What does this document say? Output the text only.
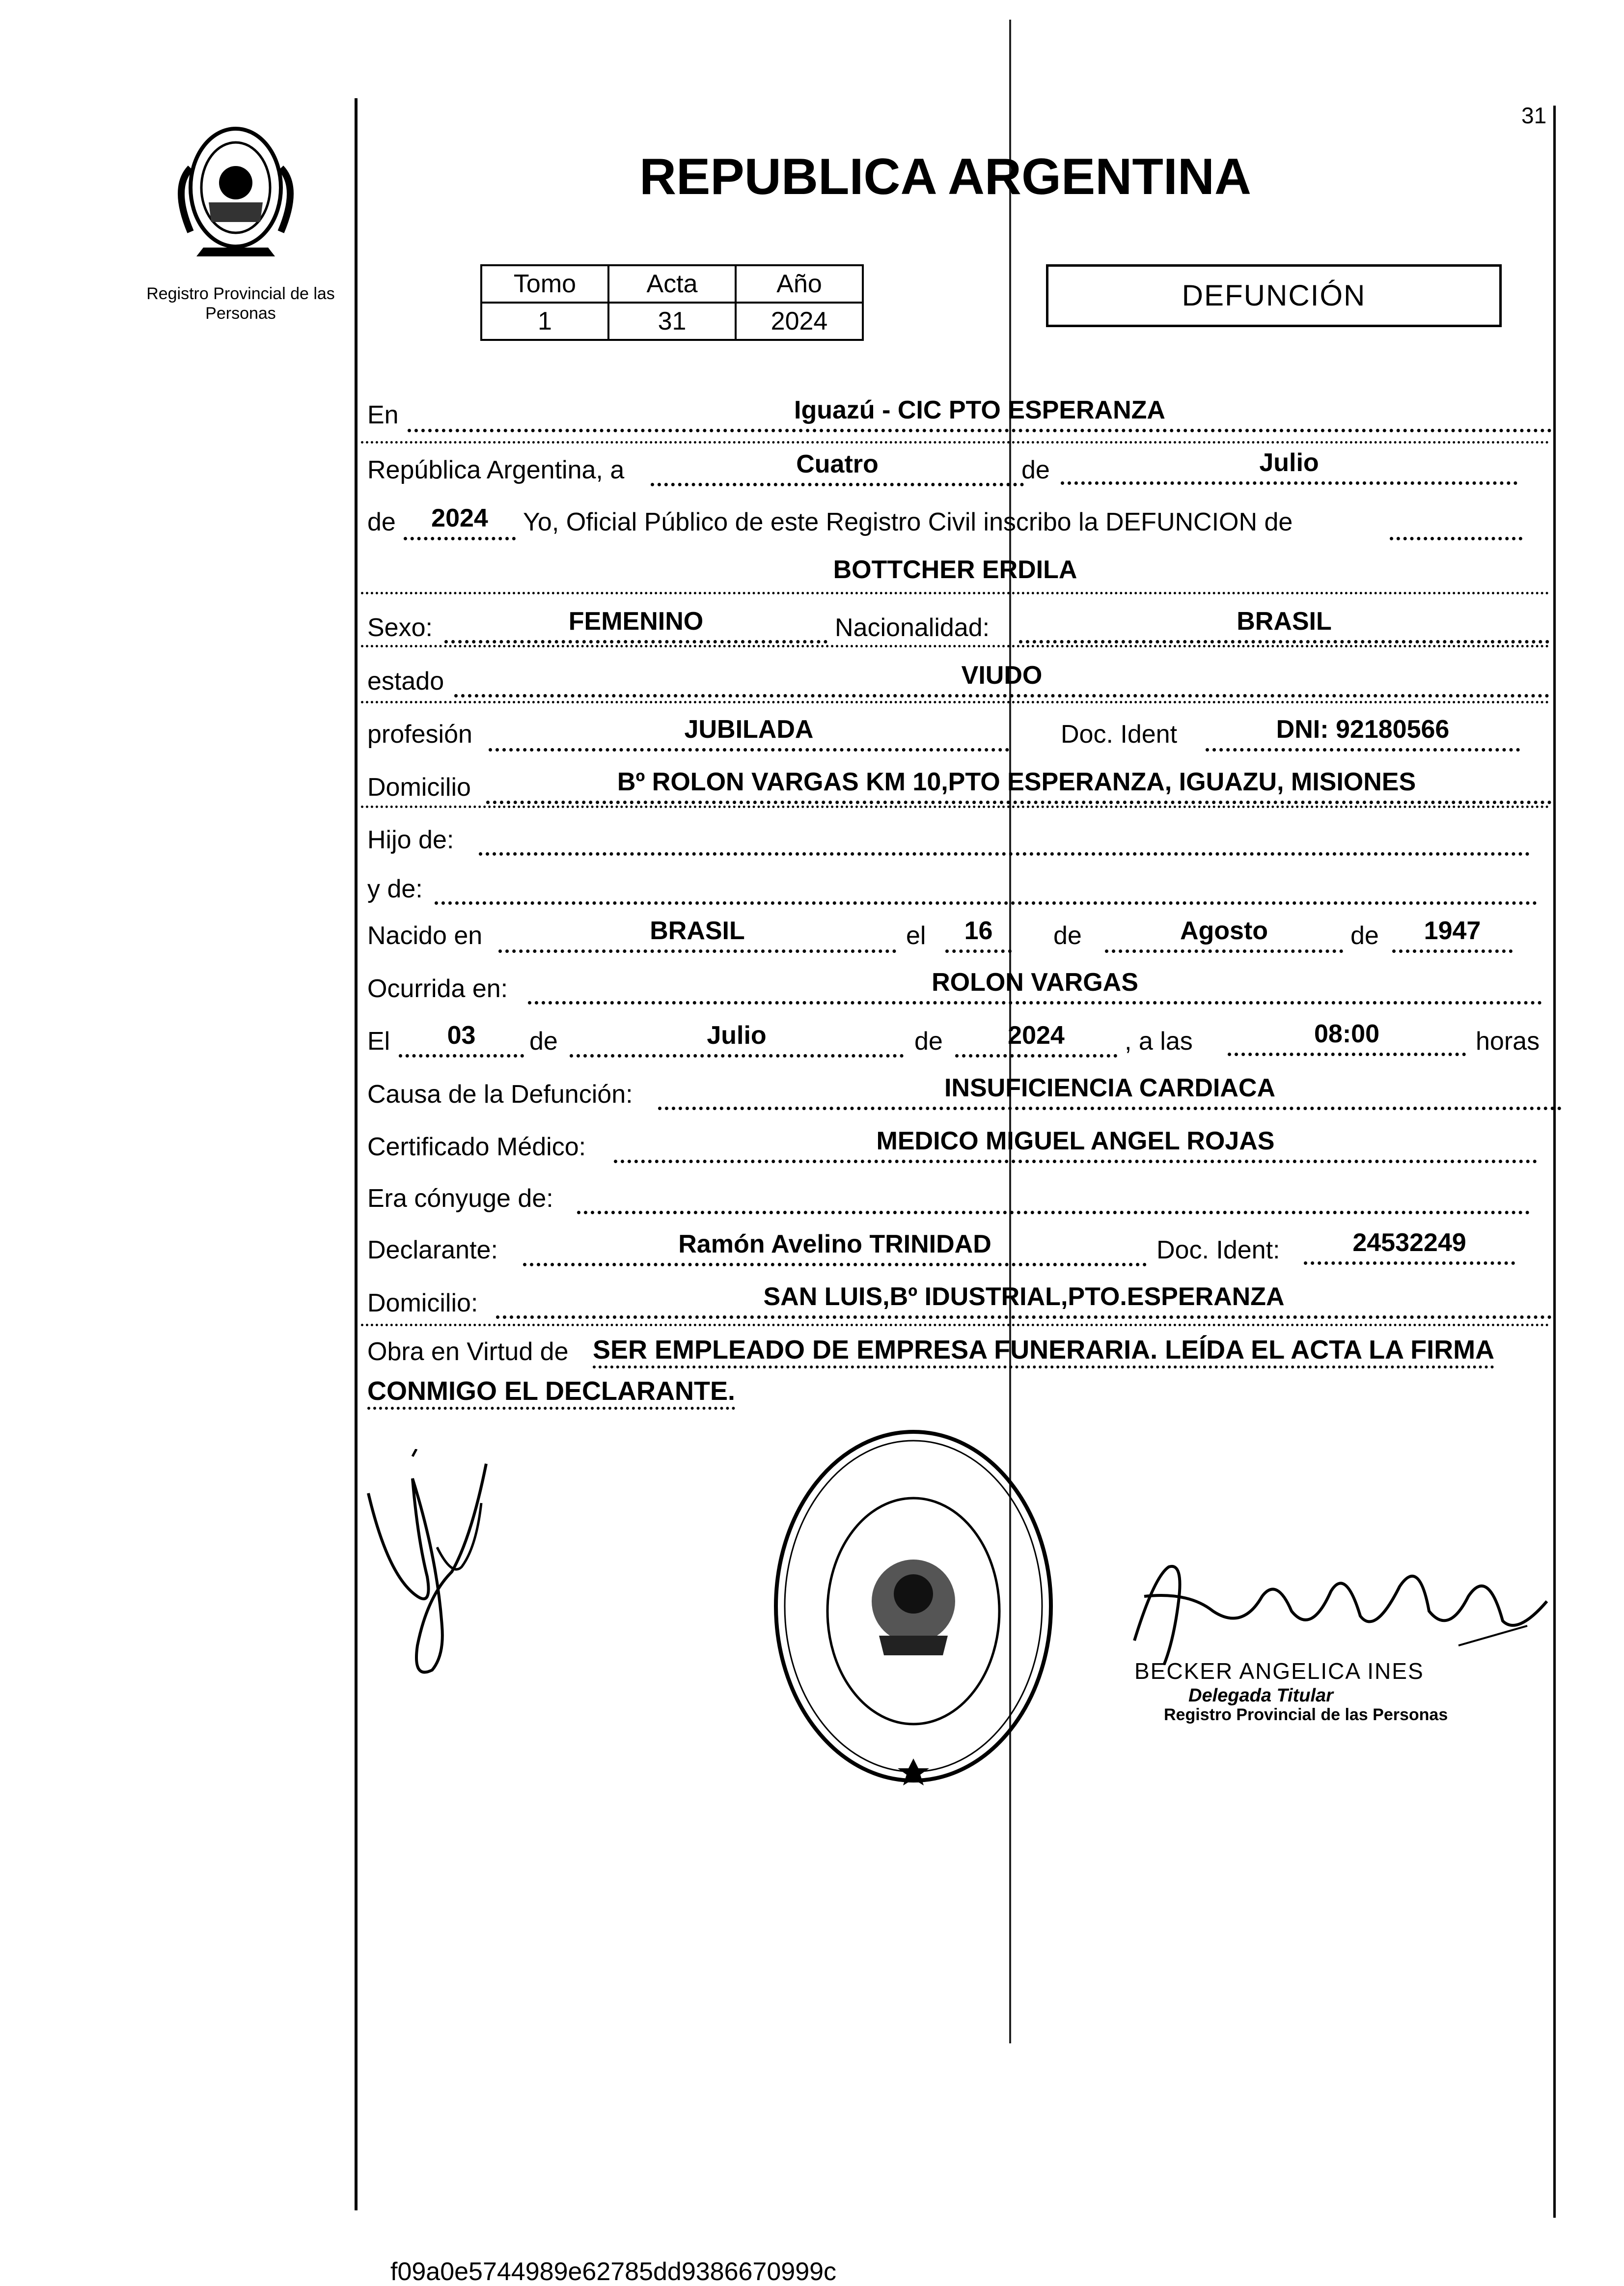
31
Registro Provincial de las Personas
REPUBLICA ARGENTINA
Tomo	Acta	Año
1	31	2024
DEFUNCIÓN
En	Iguazú - CIC PTO ESPERANZA
República Argentina, a	Cuatro	de	Julio
de	2024	Yo, Oficial Público de este Registro Civil inscribo la DEFUNCION de
BOTTCHER ERDILA
Sexo:	FEMENINO	Nacionalidad:	BRASIL
estado	VIUDO
profesión	JUBILADA	Doc. Ident	DNI: 92180566
Domicilio	Bº ROLON VARGAS KM 10,PTO ESPERANZA, IGUAZU, MISIONES
Hijo de:
y de:
Nacido en	BRASIL	el	16	de	Agosto	de	1947
Ocurrida en:	ROLON VARGAS
El	03	de	Julio	de	2024	, a las	08:00	horas
Causa de la Defunción:	INSUFICIENCIA CARDIACA
Certificado Médico:	MEDICO MIGUEL ANGEL ROJAS
Era cónyuge de:
Declarante:	Ramón Avelino TRINIDAD	Doc. Ident:	24532249
Domicilio:	SAN LUIS,Bº IDUSTRIAL,PTO.ESPERANZA
Obra en Virtud de SER EMPLEADO DE EMPRESA FUNERARIA. LEÍDA EL ACTA LA FIRMA
CONMIGO EL DECLARANTE.
BECKER ANGELICA INES
Delegada Titular
Registro Provincial de las Personas
f09a0e5744989e62785dd9386670999c
